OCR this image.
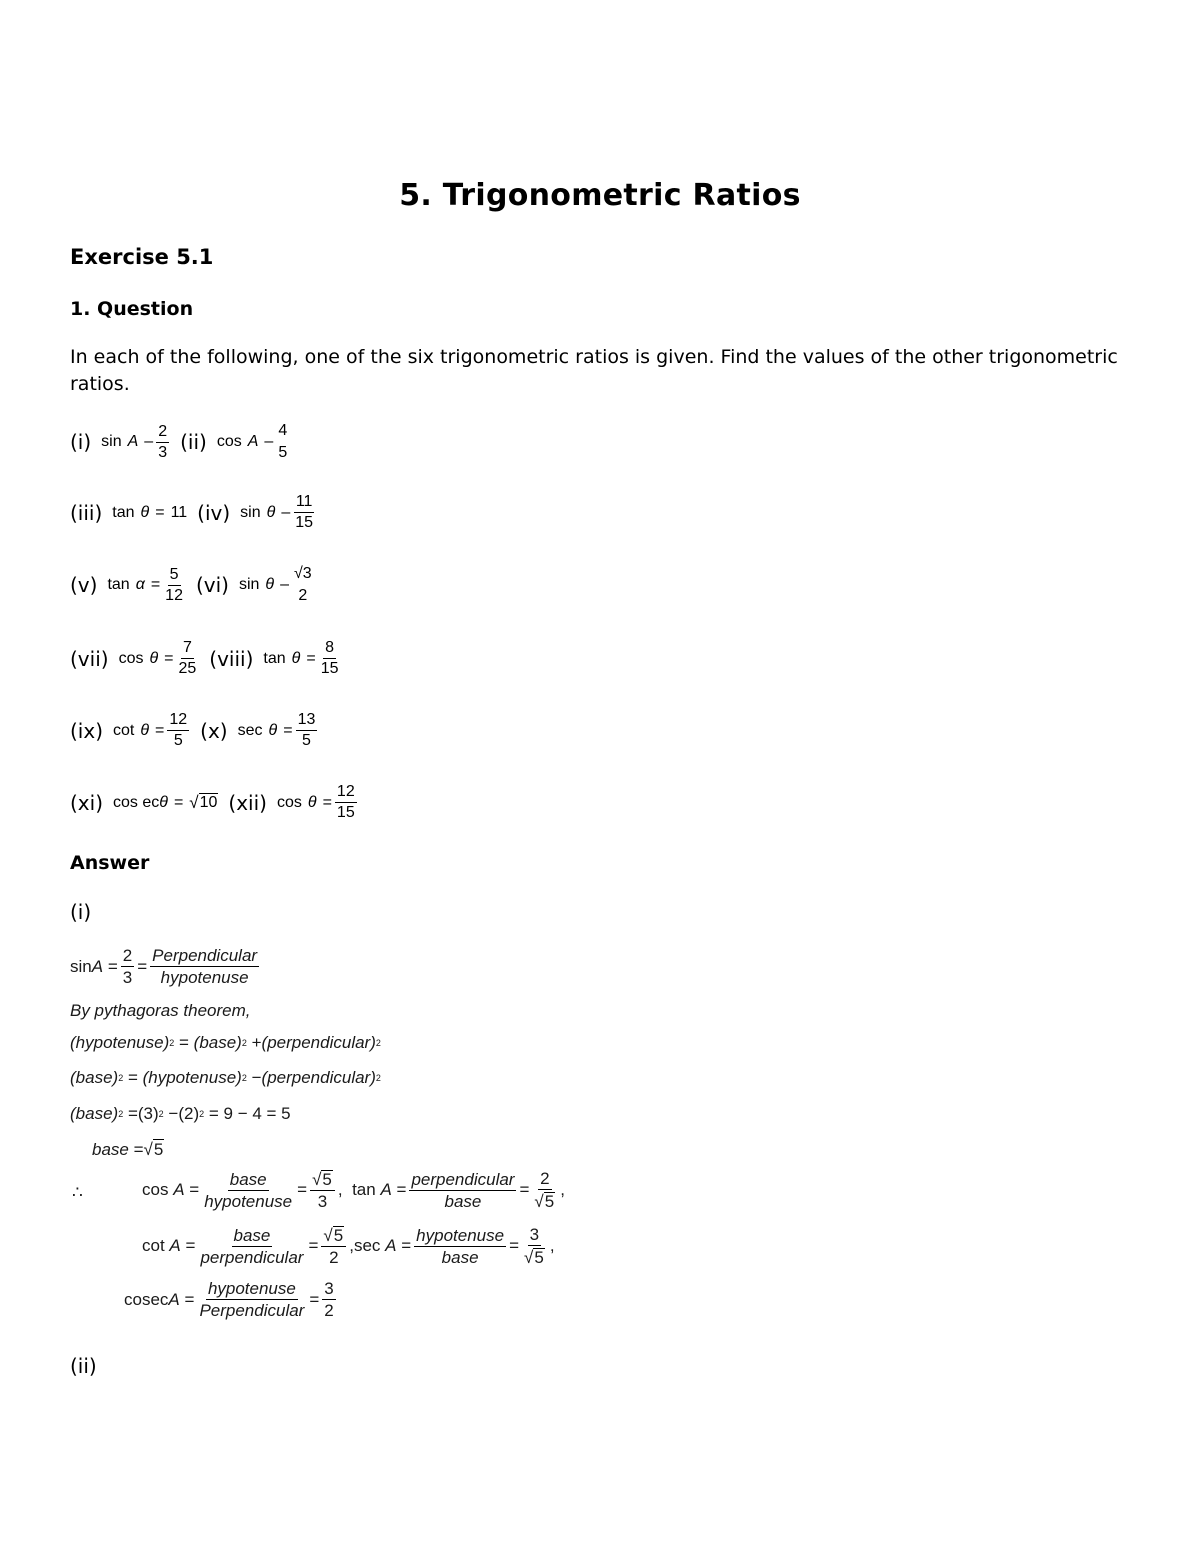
5. Trigonometric Ratios
Exercise 5.1
1. Question
In each of the following, one of the six trigonometric ratios is given. Find the values of the other trigonometric ratios.
(i) sin A – $\frac{2}{3} (ii)$ cos A –
4
5
(iii) tan θ = 11 (iv) sin θ – $\frac{11}{15}$
(v) $\tan \alpha = \frac{5}{12} (vi)$ sin θ –
√3
2
(vii) $\cos \theta = \frac{7}{25}$ (viii) $\tan \theta = \frac{8}{15}$
(ix) $\cot \theta = \frac{12}{5} (x)$ $\sec \theta = \frac{13}{5}$
(xi) cos ec θ = √ 10 (xii) $\cos \theta = \frac{12}{15}$
Answer
(i)
sin A
= $\frac{2}{3} = \frac{\text{Perpendicular}}{\text{hypotenuse}}$
By pythagoras theorem,
(hypotenuse) 2
=
(base) 2
+ (perpendicular) 2
(base) 2
=
(hypotenuse) 2
− (perpendicular) 2
(base) 2
= (3) 2
− (2) 2
= 9 − 4 = 5
base
= √ 5
∴	cos
A
= $\frac{\text{base}}{\text{hypotenuse}} = \frac{√ 5}{3}$ ,
tan
A
= $\frac{\text{perpendicular}}{\text{base}} = \frac{2}{√ 5}$ ,
cot
A
= $\frac{\text{base}}{\text{perpendicular}} = \frac{√ 5}{2}$ , sec
A
= $\frac{\text{hypotenuse}}{\text{base}} = \frac{3}{√ 5}$ ,
cosec A
= $\frac{\text{hypotenuse}}{\text{Perpendicular}} = \frac{3}{2}$
(ii)
